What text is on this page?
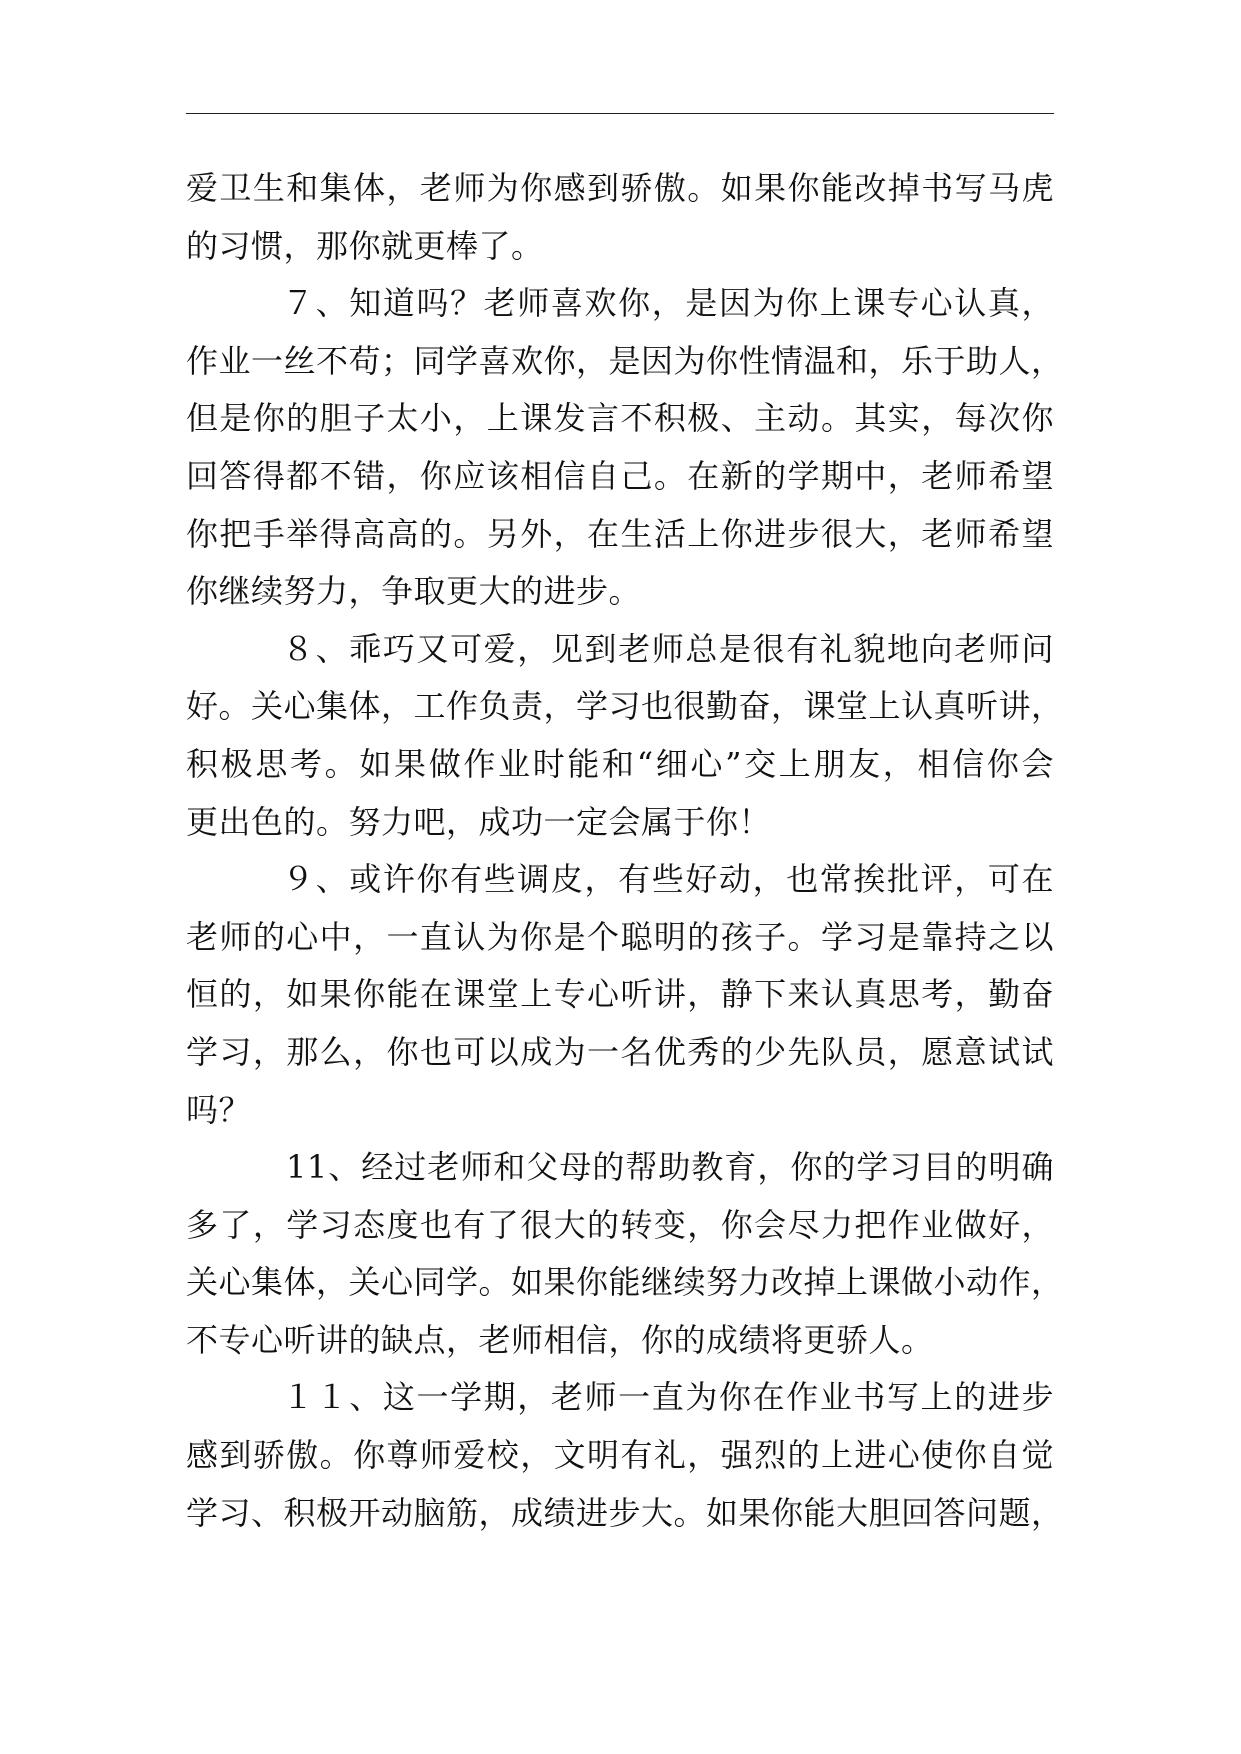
爱卫生和集体，老师为你感到骄傲。如果你能改掉书写马虎
的习惯，那你就更棒了。
７、知道吗？老师喜欢你，是因为你上课专心认真，
作业一丝不苟；同学喜欢你，是因为你性情温和，乐于助人，
但是你的胆子太小，上课发言不积极、主动。其实，每次你
回答得都不错，你应该相信自己。在新的学期中，老师希望
你把手举得高高的。另外，在生活上你进步很大，老师希望
你继续努力，争取更大的进步。
８、乖巧又可爱，见到老师总是很有礼貌地向老师问
好。关心集体，工作负责，学习也很勤奋，课堂上认真听讲，
积极思考。如果做作业时能和“细心”交上朋友，相信你会
更出色的。努力吧，成功一定会属于你！
９、或许你有些调皮，有些好动，也常挨批评，可在
老师的心中，一直认为你是个聪明的孩子。学习是靠持之以
恒的，如果你能在课堂上专心听讲，静下来认真思考，勤奋
学习，那么，你也可以成为一名优秀的少先队员，愿意试试
吗？
11、经过老师和父母的帮助教育，你的学习目的明确
多了，学习态度也有了很大的转变，你会尽力把作业做好，
关心集体，关心同学。如果你能继续努力改掉上课做小动作，
不专心听讲的缺点，老师相信，你的成绩将更骄人。
１１、这一学期，老师一直为你在作业书写上的进步
感到骄傲。你尊师爱校，文明有礼，强烈的上进心使你自觉
学习、积极开动脑筋，成绩进步大。如果你能大胆回答问题，
